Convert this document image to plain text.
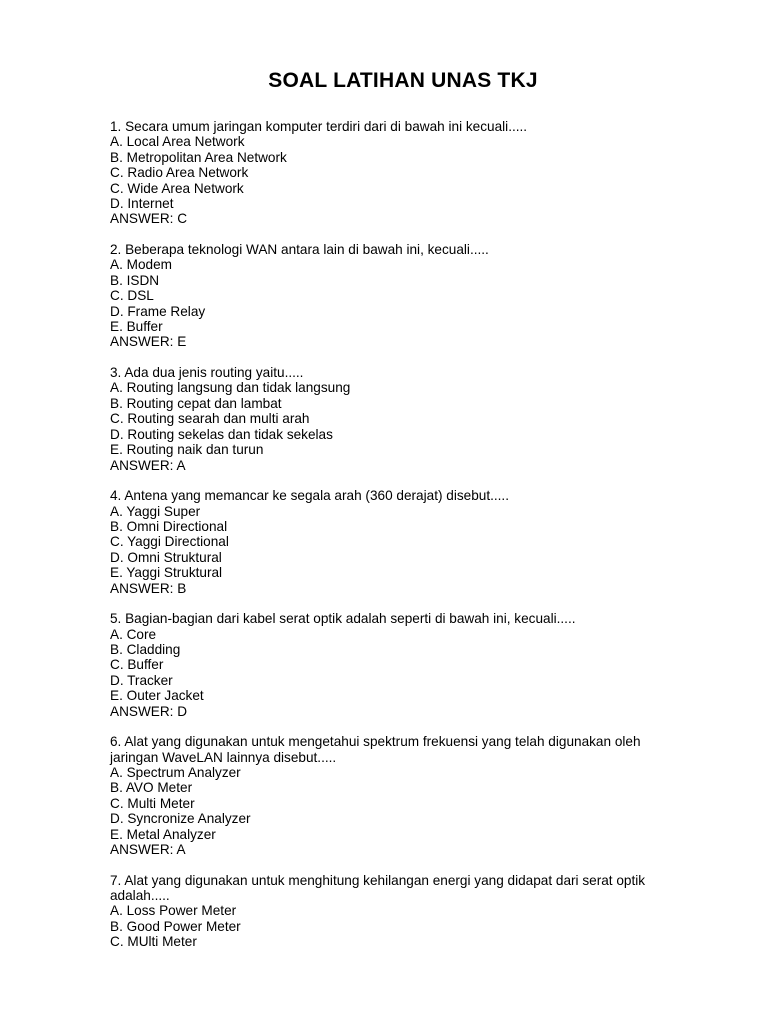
SOAL LATIHAN UNAS TKJ
1. Secara umum jaringan komputer terdiri dari di bawah ini kecuali.....
A. Local Area Network
B. Metropolitan Area Network
C. Radio Area Network
C. Wide Area Network
D. Internet
ANSWER: C
2. Beberapa teknologi WAN antara lain di bawah ini, kecuali.....
A. Modem
B. ISDN
C. DSL
D. Frame Relay
E. Buffer
ANSWER: E
3. Ada dua jenis routing yaitu.....
A. Routing langsung dan tidak langsung
B. Routing cepat dan lambat
C. Routing searah dan multi arah
D. Routing sekelas dan tidak sekelas
E. Routing naik dan turun
ANSWER: A
4. Antena yang memancar ke segala arah (360 derajat) disebut.....
A. Yaggi Super
B. Omni Directional
C. Yaggi Directional
D. Omni Struktural
E. Yaggi Struktural
ANSWER: B
5. Bagian-bagian dari kabel serat optik adalah seperti di bawah ini, kecuali.....
A. Core
B. Cladding
C. Buffer
D. Tracker
E. Outer Jacket
ANSWER: D
6. Alat yang digunakan untuk mengetahui spektrum frekuensi yang telah digunakan oleh
jaringan WaveLAN lainnya disebut.....
A. Spectrum Analyzer
B. AVO Meter
C. Multi Meter
D. Syncronize Analyzer
E. Metal Analyzer
ANSWER: A
7. Alat yang digunakan untuk menghitung kehilangan energi yang didapat dari serat optik
adalah.....
A. Loss Power Meter
B. Good Power Meter
C. MUlti Meter
